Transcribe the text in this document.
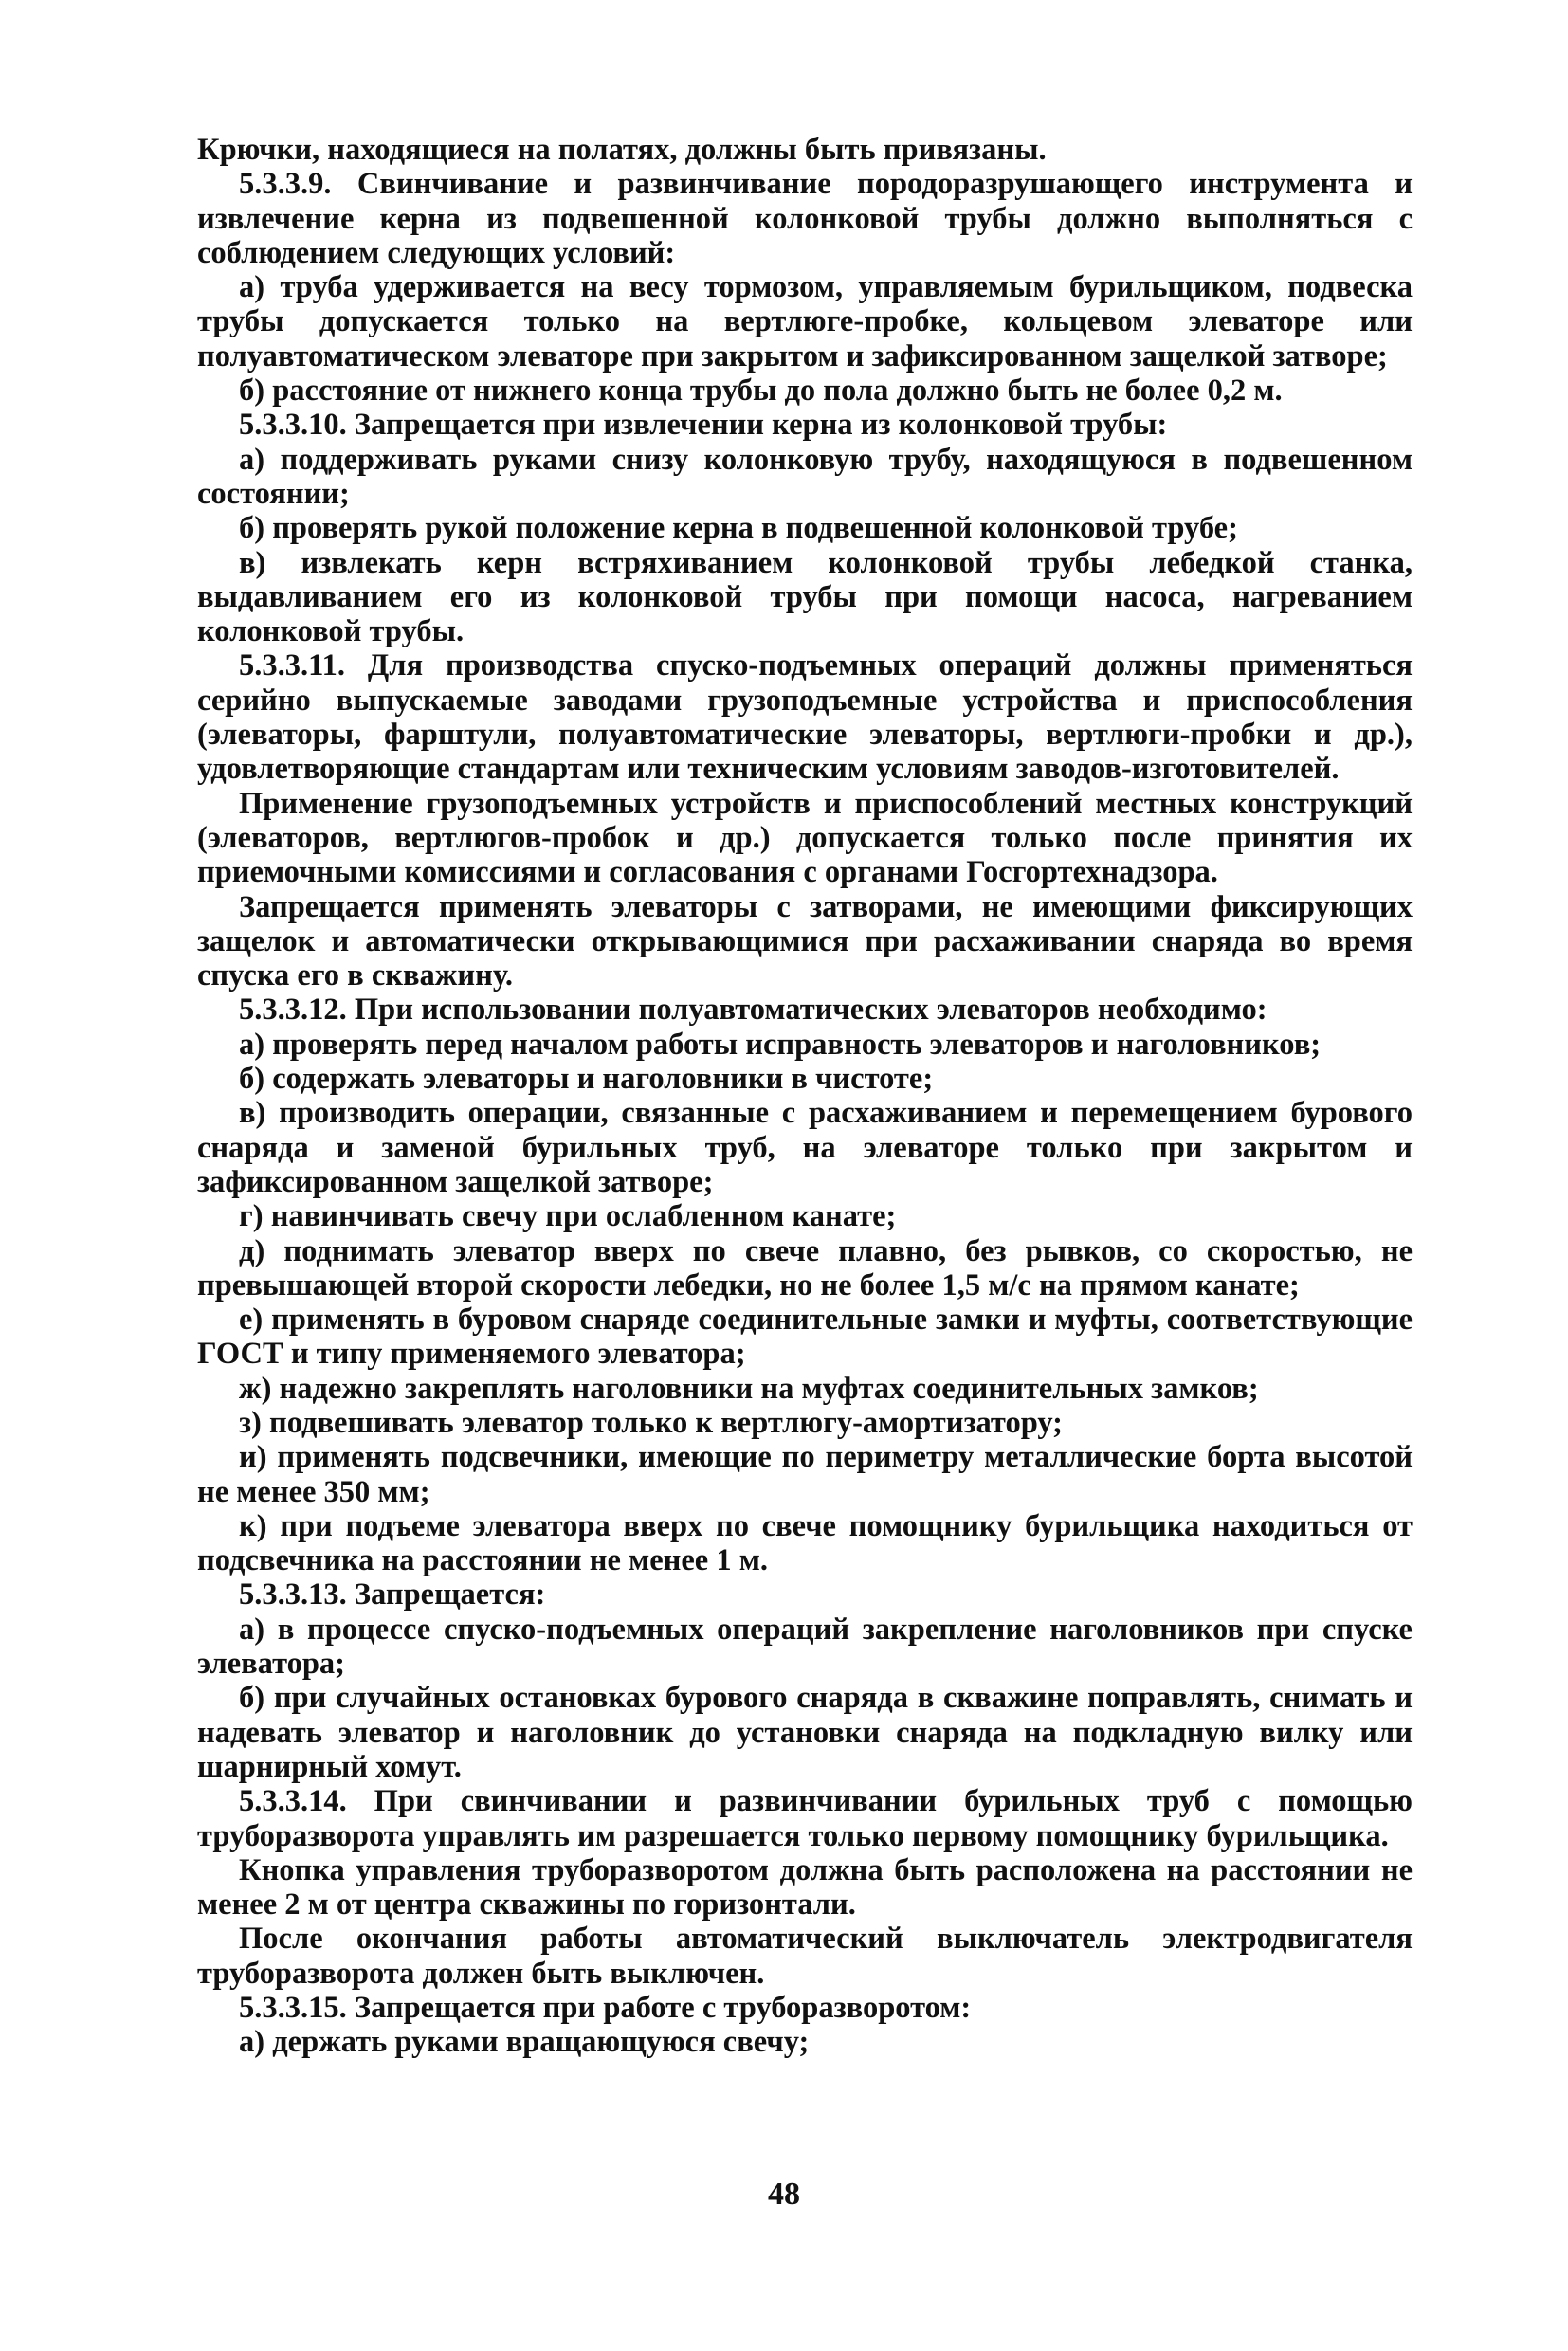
Крючки, находящиеся на полатях, должны быть привязаны.

5.3.3.9. Свинчивание и развинчивание породоразрушающего инструмента и извлечение керна из подвешенной колонковой трубы должно выполняться с соблюдением следующих условий:

а) труба удерживается на весу тормозом, управляемым бурильщиком, подвеска трубы допускается только на вертлюге-пробке, кольцевом элеваторе или полуавтоматическом элеваторе при закрытом и зафиксированном защелкой затворе;

б) расстояние от нижнего конца трубы до пола должно быть не более 0,2 м.

5.3.3.10. Запрещается при извлечении керна из колонковой трубы:

а) поддерживать руками снизу колонковую трубу, находящуюся в подвешенном состоянии;

б) проверять рукой положение керна в подвешенной колонковой трубе;

в) извлекать керн встряхиванием колонковой трубы лебедкой станка, выдавливанием его из колонковой трубы при помощи насоса, нагреванием колонковой трубы.

5.3.3.11. Для производства спуско-подъемных операций должны применяться серийно выпускаемые заводами грузоподъемные устройства и приспособления (элеваторы, фарштули, полуавтоматические элеваторы, вертлюги-пробки и др.), удовлетворяющие стандартам или техническим условиям заводов-изготовителей.

Применение грузоподъемных устройств и приспособлений местных конструкций (элеваторов, вертлюгов-пробок и др.) допускается только после принятия их приемочными комиссиями и согласования с органами Госгортехнадзора.

Запрещается применять элеваторы с затворами, не имеющими фиксирующих защелок и автоматически открывающимися при расхаживании снаряда во время спуска его в скважину.

5.3.3.12. При использовании полуавтоматических элеваторов необходимо:

а) проверять перед началом работы исправность элеваторов и наголовников;

б) содержать элеваторы и наголовники в чистоте;

в) производить операции, связанные с расхаживанием и перемещением бурового снаряда и заменой бурильных труб, на элеваторе только при закрытом и зафиксированном защелкой затворе;

г) навинчивать свечу при ослабленном канате;

д) поднимать элеватор вверх по свече плавно, без рывков, со скоростью, не превышающей второй скорости лебедки, но не более 1,5 м/с на прямом канате;

е) применять в буровом снаряде соединительные замки и муфты, соответствующие ГОСТ и типу применяемого элеватора;

ж) надежно закреплять наголовники на муфтах соединительных замков;

з) подвешивать элеватор только к вертлюгу-амортизатору;

и) применять подсвечники, имеющие по периметру металлические борта высотой не менее 350 мм;

к) при подъеме элеватора вверх по свече помощнику бурильщика находиться от подсвечника на расстоянии не менее 1 м.

5.3.3.13. Запрещается:

а) в процессе спуско-подъемных операций закрепление наголовников при спуске элеватора;

б) при случайных остановках бурового снаряда в скважине поправлять, снимать и надевать элеватор и наголовник до установки снаряда на подкладную вилку или шарнирный хомут.

5.3.3.14. При свинчивании и развинчивании бурильных труб с помощью труборазворота управлять им разрешается только первому помощнику бурильщика.

Кнопка управления труборазворотом должна быть расположена на расстоянии не менее 2 м от центра скважины по горизонтали.

После окончания работы автоматический выключатель электродвигателя труборазворота должен быть выключен.

5.3.3.15. Запрещается при работе с труборазворотом:

а) держать руками вращающуюся свечу;

48
